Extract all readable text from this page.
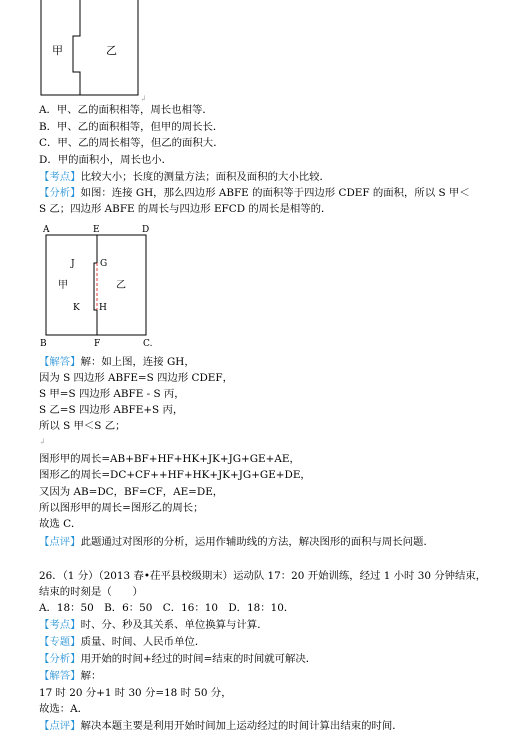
甲	乙
↲
A．甲、乙的面积相等，周长也相等．
B．甲、乙的面积相等，但甲的周长长．
C．甲、乙的周长相等，但乙的面积大．
D．甲的面积小，周长也小．
【考点】比较大小；长度的测量方法；面积及面积的大小比较．
【分析】如图：连接 GH，那么四边形 ABFE 的面积等于四边形 CDEF 的面积，所以 S 甲＜
S 乙；四边形 ABFE 的周长与四边形 EFCD 的周长是相等的．
A	E	D
J	G
甲	乙
K H
B	F	C.
【解答】解：如上图，连接 GH，
因为 S 四边形 ABFE=S 四边形 CDEF，
S 甲=S 四边形 ABFE - S 丙，
S 乙=S 四边形 ABFE+S 丙，
所以 S 甲＜S 乙；
↲
图形甲的周长=AB+BF+HF+HK+JK+JG+GE+AE，
图形乙的周长=DC+CF++HF+HK+JK+JG+GE+DE，
又因为 AB=DC，BF=CF，AE=DE，
所以图形甲的周长=图形乙的周长；
故选 C．
【点评】此题通过对图形的分析，运用作辅助线的方法，解决图形的面积与周长问题．
26．（1 分）（2013 春•茌平县校级期末）运动队 17：20 开始训练，经过 1 小时 30 分钟结束，
结束的时刻是（　　）
A．18：50　 B．6：50　 C．16：10　 D．18：10．
【考点】时、分、秒及其关系、单位换算与计算．
【专题】质量、时间、人民币单位．
【分析】用开始的时间+经过的时间=结束的时间就可解决．
【解答】解：
17 时 20 分+1 时 30 分=18 时 50 分，
故选：A．
【点评】解决本题主要是利用开始时间加上运动经过的时间计算出结束的时间．
